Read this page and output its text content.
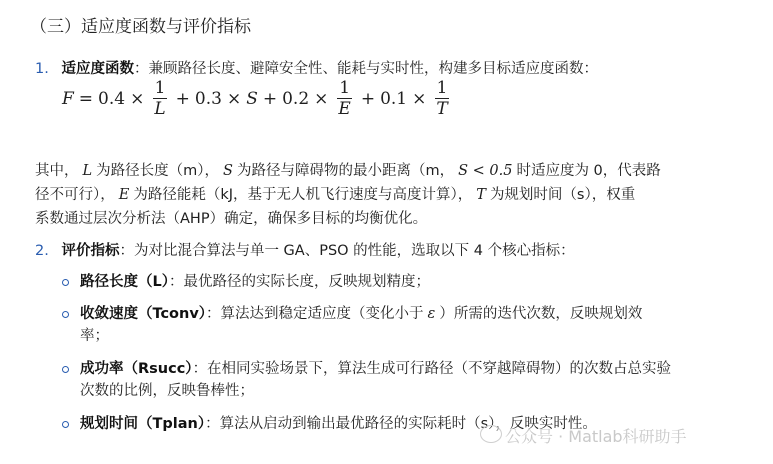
（三）适应度函数与评价指标
1. 适应度函数：兼顾路径长度、避障安全性、能耗与实时性，构建多目标适应度函数：
$F = 0.4 \times \frac{1}{L} + 0.3 \times S + 0.2 \times \frac{1}{E} + 0.1 \times \frac{1}{T}$
其中， L 为路径长度（m）， S 为路径与障碍物的最小距离（m， S < 0.5 时适应度为 0，代表路
径不可行）， E 为路径能耗（kJ，基于无人机飞行速度与高度计算）， T 为规划时间（s），权重
系数通过层次分析法（AHP）确定，确保多目标的均衡优化。
2. 评价指标：为对比混合算法与单一 GA、PSO 的性能，选取以下 4 个核心指标：
路径长度（L）：最优路径的实际长度，反映规划精度；
收敛速度（Tconv）：算法达到稳定适应度（变化小于 ε ）所需的迭代次数，反映规划效
率；
成功率（Rsucc）：在相同实验场景下，算法生成可行路径（不穿越障碍物）的次数占总实验
次数的比例，反映鲁棒性；
规划时间（Tplan）：算法从启动到输出最优路径的实际耗时（s），反映实时性。
公众号 · Matlab科研助手
